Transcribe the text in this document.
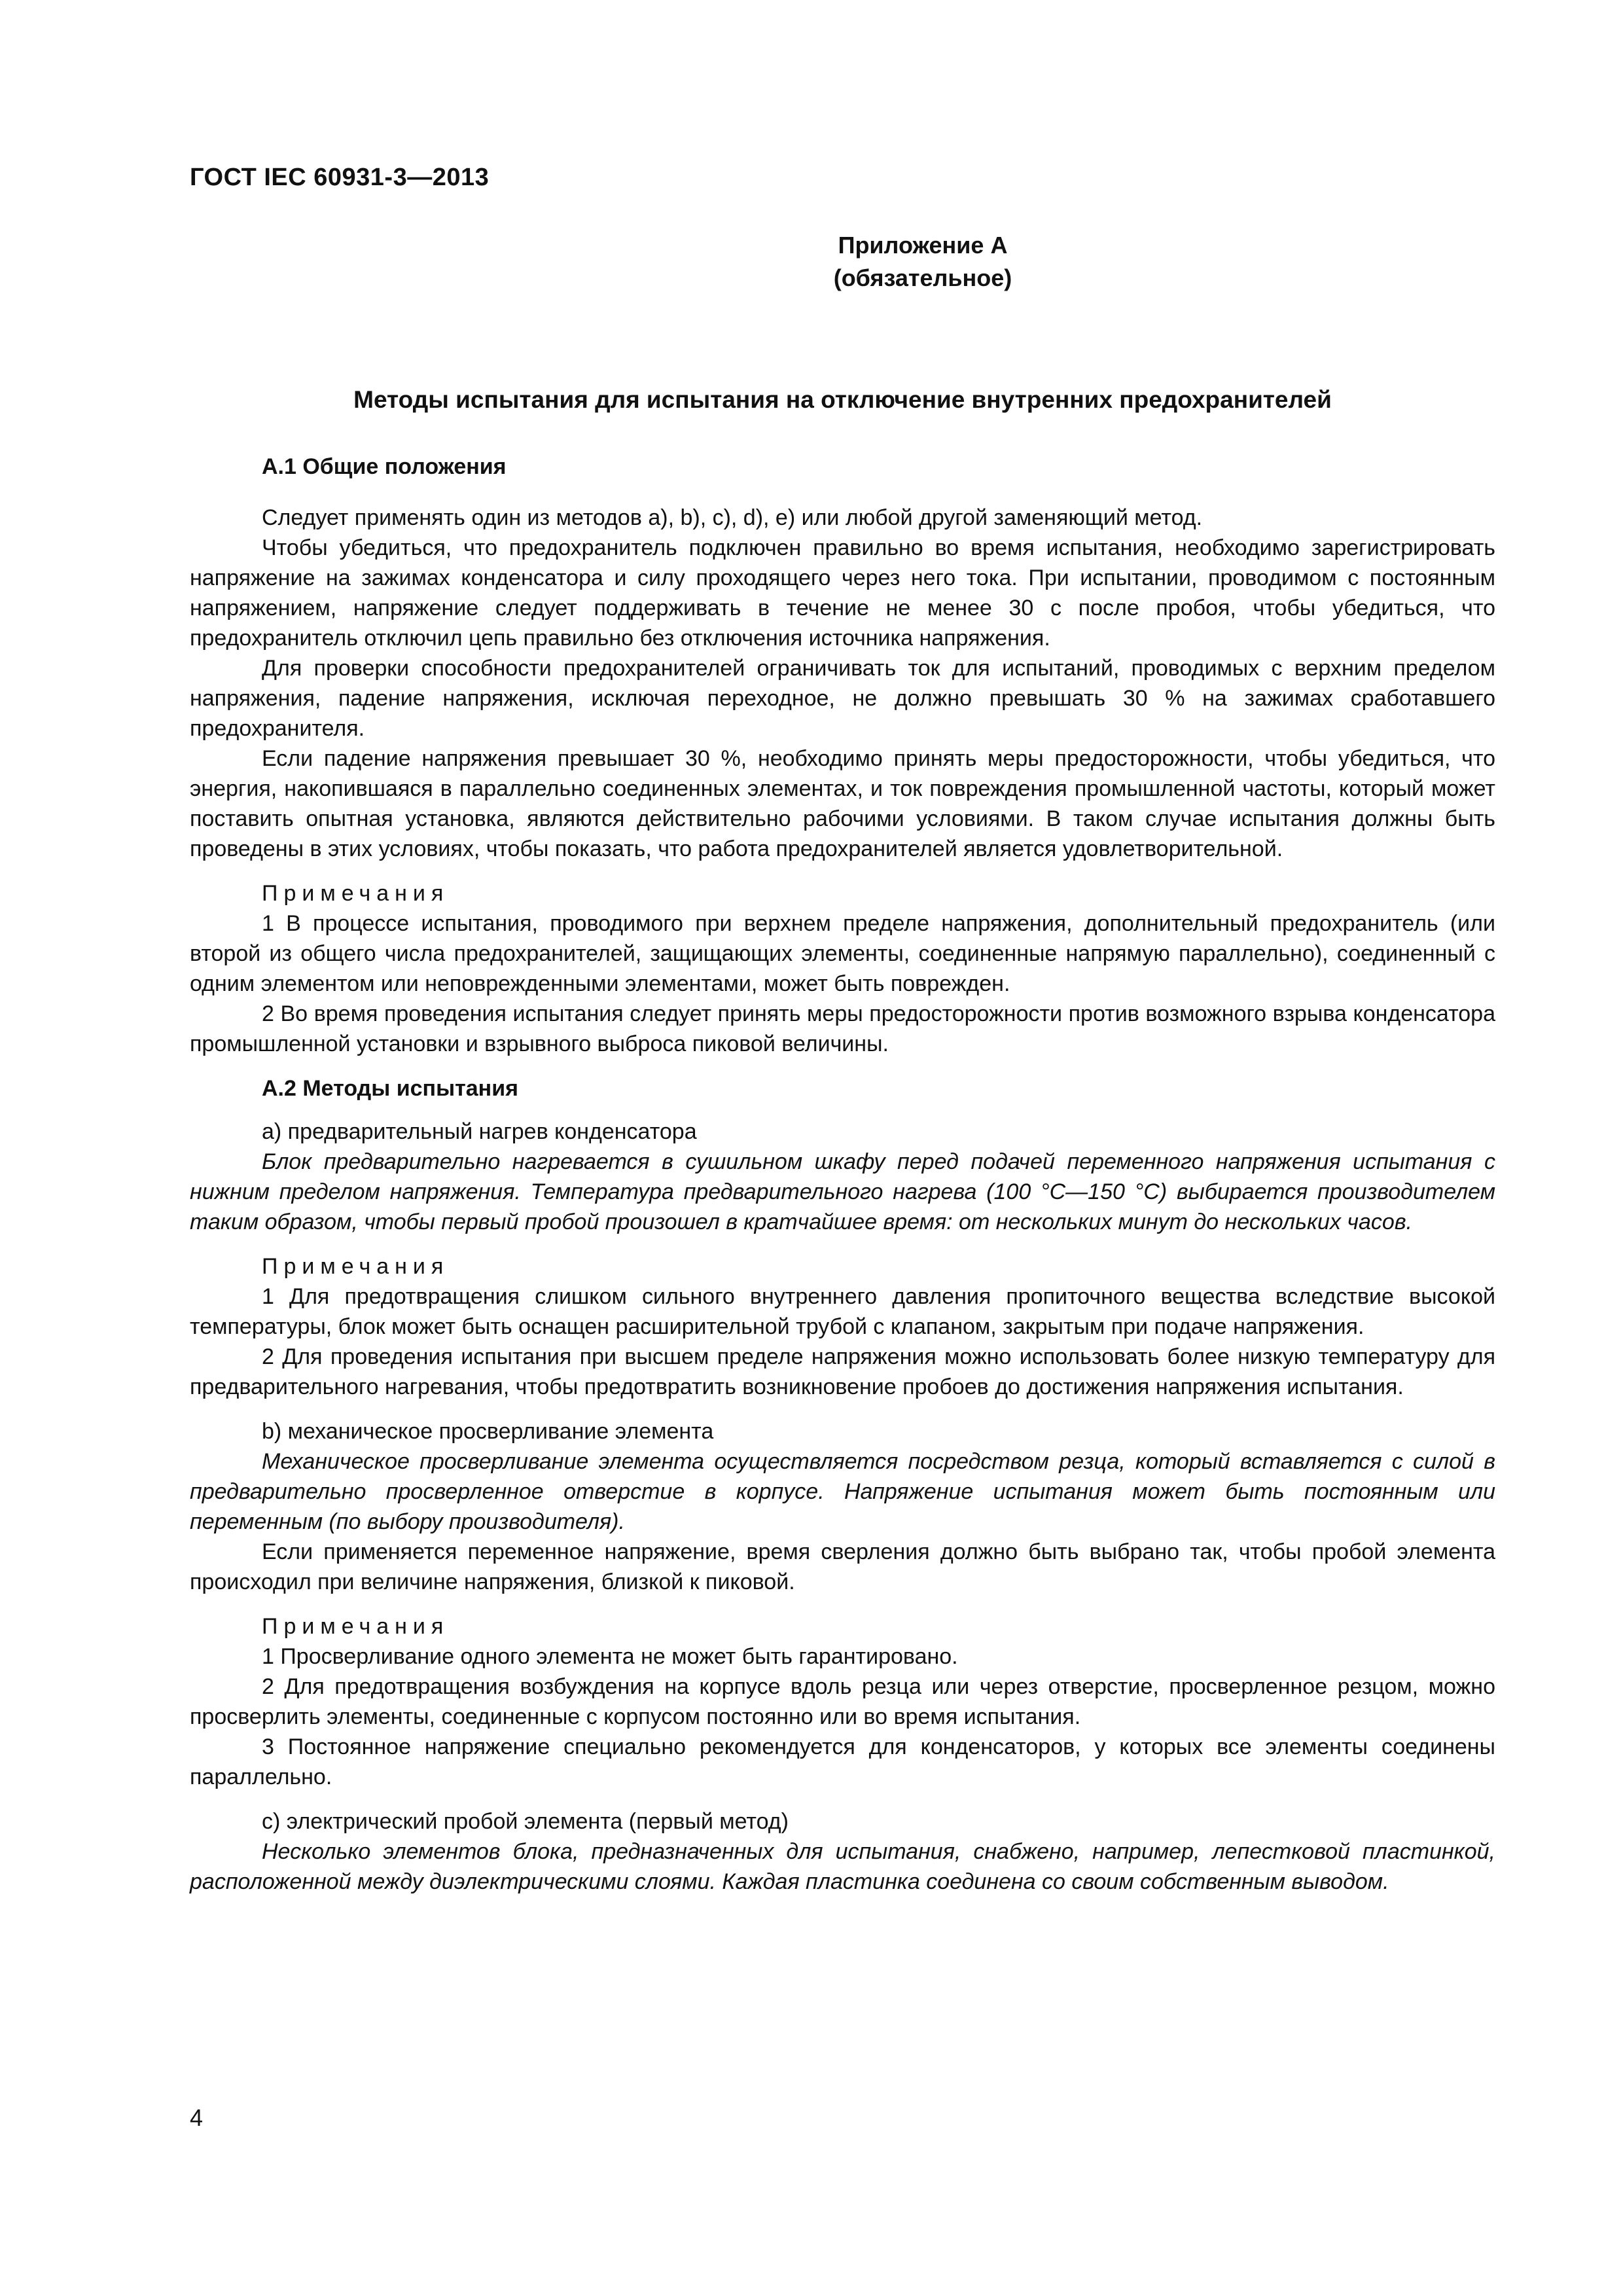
ГОСТ IEC 60931-3—2013
Приложение А
(обязательное)
Методы испытания для испытания на отключение внутренних предохранителей

А.1 Общие положения

Следует применять один из методов a), b), c), d), e) или любой другой заменяющий метод.

Чтобы убедиться, что предохранитель подключен правильно во время испытания, необходимо зарегистрировать напряжение на зажимах конденсатора и силу проходящего через него тока. При испытании, проводимом с постоянным напряжением, напряжение следует поддерживать в течение не менее 30 с после пробоя, чтобы убедиться, что предохранитель отключил цепь правильно без отключения источника напряжения.

Для проверки способности предохранителей ограничивать ток для испытаний, проводимых с верхним пределом напряжения, падение напряжения, исключая переходное, не должно превышать 30 % на зажимах сработавшего предохранителя.

Если падение напряжения превышает 30 %, необходимо принять меры предосторожности, чтобы убедиться, что энергия, накопившаяся в параллельно соединенных элементах, и ток повреждения промышленной частоты, который может поставить опытная установка, являются действительно рабочими условиями. В таком случае испытания должны быть проведены в этих условиях, чтобы показать, что работа предохранителей является удовлетворительной.

Примечания

1 В процессе испытания, проводимого при верхнем пределе напряжения, дополнительный предохранитель (или второй из общего числа предохранителей, защищающих элементы, соединенные напрямую параллельно), соединенный с одним элементом или неповрежденными элементами, может быть поврежден.

2 Во время проведения испытания следует принять меры предосторожности против возможного взрыва конденсатора промышленной установки и взрывного выброса пиковой величины.

А.2 Методы испытания

a) предварительный нагрев конденсатора

Блок предварительно нагревается в сушильном шкафу перед подачей переменного напряжения испытания с нижним пределом напряжения. Температура предварительного нагрева (100 °С—150 °С) выбирается производителем таким образом, чтобы первый пробой произошел в кратчайшее время: от нескольких минут до нескольких часов.

Примечания

1 Для предотвращения слишком сильного внутреннего давления пропиточного вещества вследствие высокой температуры, блок может быть оснащен расширительной трубой с клапаном, закрытым при подаче напряжения.

2 Для проведения испытания при высшем пределе напряжения можно использовать более низкую температуру для предварительного нагревания, чтобы предотвратить возникновение пробоев до достижения напряжения испытания.

b) механическое просверливание элемента

Механическое просверливание элемента осуществляется посредством резца, который вставляется с силой в предварительно просверленное отверстие в корпусе. Напряжение испытания может быть постоянным или переменным (по выбору производителя).

Если применяется переменное напряжение, время сверления должно быть выбрано так, чтобы пробой элемента происходил при величине напряжения, близкой к пиковой.

Примечания

1 Просверливание одного элемента не может быть гарантировано.

2 Для предотвращения возбуждения на корпусе вдоль резца или через отверстие, просверленное резцом, можно просверлить элементы, соединенные с корпусом постоянно или во время испытания.

3 Постоянное напряжение специально рекомендуется для конденсаторов, у которых все элементы соединены параллельно.

c) электрический пробой элемента (первый метод)

Несколько элементов блока, предназначенных для испытания, снабжено, например, лепестковой пластинкой, расположенной между диэлектрическими слоями. Каждая пластинка соединена со своим собственным выводом.

4
